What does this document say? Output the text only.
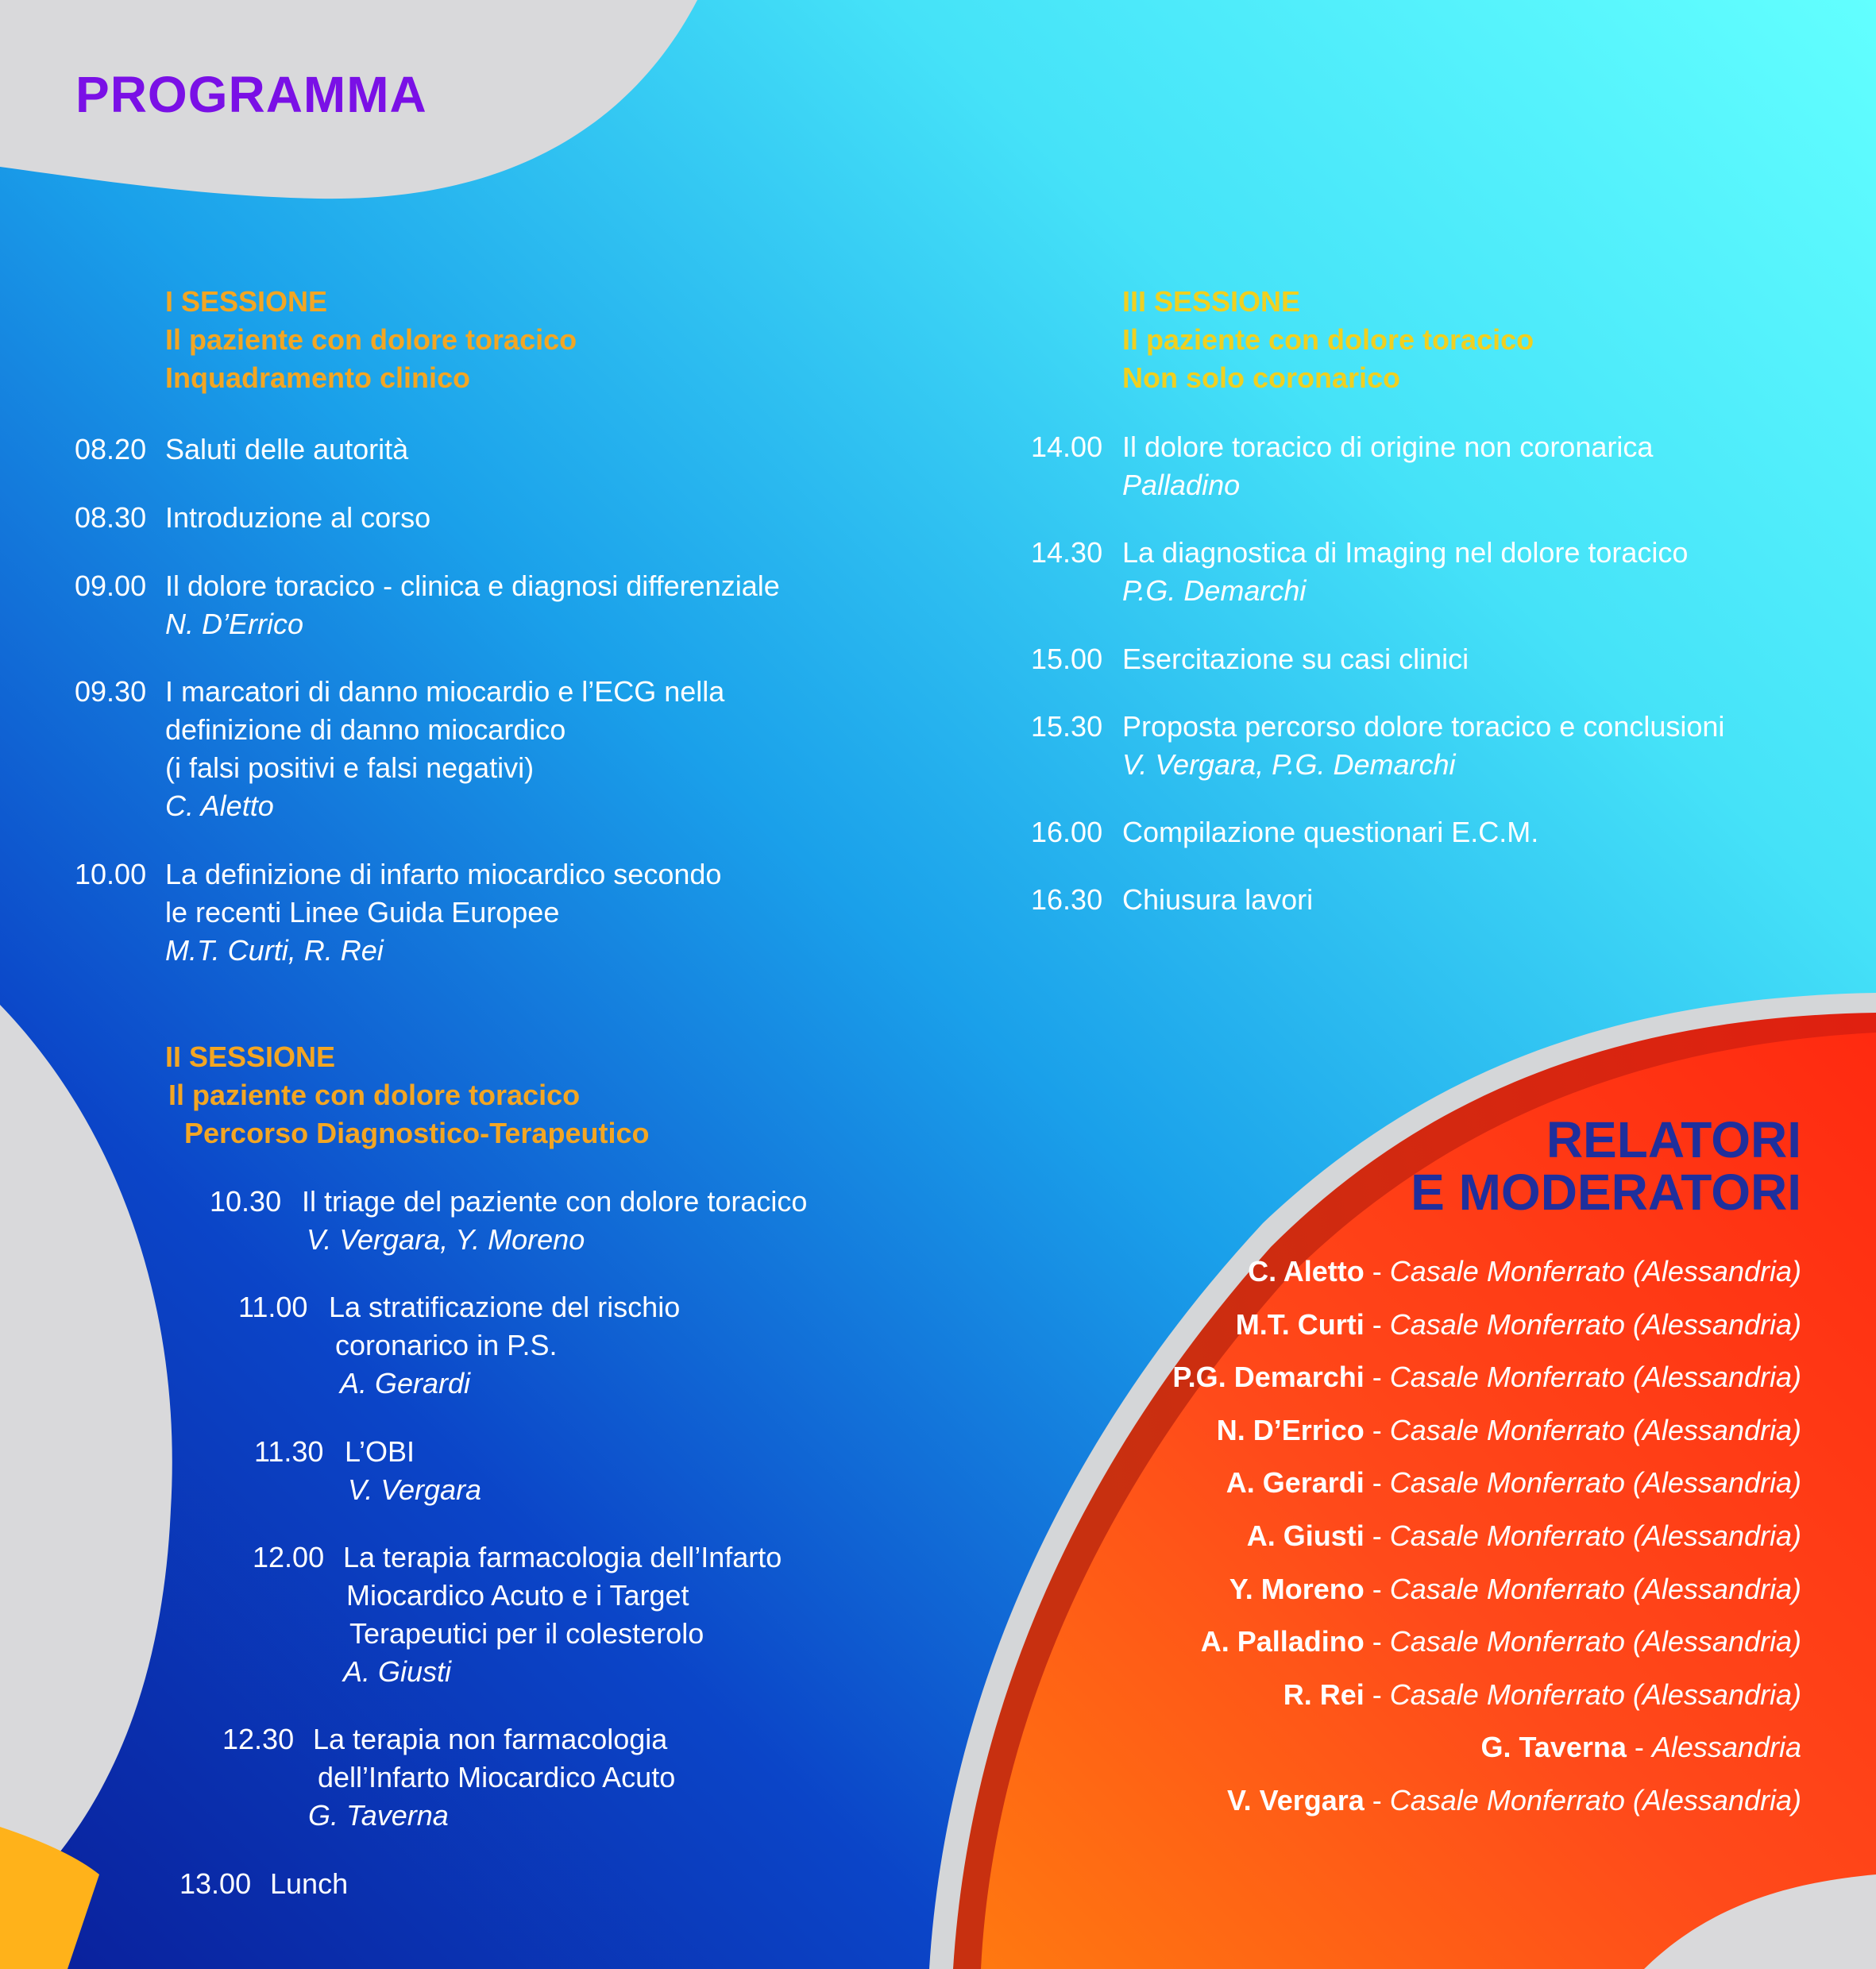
PROGRAMMA
I SESSIONE
Il paziente con dolore toracico
Inquadramento clinico
08.20 Saluti delle autorità
08.30 Introduzione al corso
09.00 Il dolore toracico - clinica e diagnosi differenziale
N. D’Errico
09.30 I marcatori di danno miocardio e l’ECG nella
definizione di danno miocardico
(i falsi positivi e falsi negativi)
C. Aletto
10.00 La definizione di infarto miocardico secondo
le recenti Linee Guida Europee
M.T. Curti, R. Rei
II SESSIONE
Il paziente con dolore toracico
Percorso Diagnostico-Terapeutico
10.30 Il triage del paziente con dolore toracico
V. Vergara, Y. Moreno
11.00 La stratificazione del rischio
coronarico in P.S.
A. Gerardi
11.30 L’OBI
V. Vergara
12.00 La terapia farmacologia dell’Infarto
Miocardico Acuto e i Target
Terapeutici per il colesterolo
A. Giusti
12.30 La terapia non farmacologia
dell’Infarto Miocardico Acuto
G. Taverna
13.00 Lunch
III SESSIONE
Il paziente con dolore toracico
Non solo coronarico
14.00 Il dolore toracico di origine non coronarica
Palladino
14.30 La diagnostica di Imaging nel dolore toracico
P.G. Demarchi
15.00 Esercitazione su casi clinici
15.30 Proposta percorso dolore toracico e conclusioni
V. Vergara, P.G. Demarchi
16.00 Compilazione questionari E.C.M.
16.30 Chiusura lavori
RELATORI
E MODERATORI
C. Aletto - Casale Monferrato (Alessandria)
M.T. Curti - Casale Monferrato (Alessandria)
P.G. Demarchi - Casale Monferrato (Alessandria)
N. D’Errico - Casale Monferrato (Alessandria)
A. Gerardi - Casale Monferrato (Alessandria)
A. Giusti - Casale Monferrato (Alessandria)
Y. Moreno - Casale Monferrato (Alessandria)
A. Palladino - Casale Monferrato (Alessandria)
R. Rei - Casale Monferrato (Alessandria)
G. Taverna - Alessandria
V. Vergara - Casale Monferrato (Alessandria)
